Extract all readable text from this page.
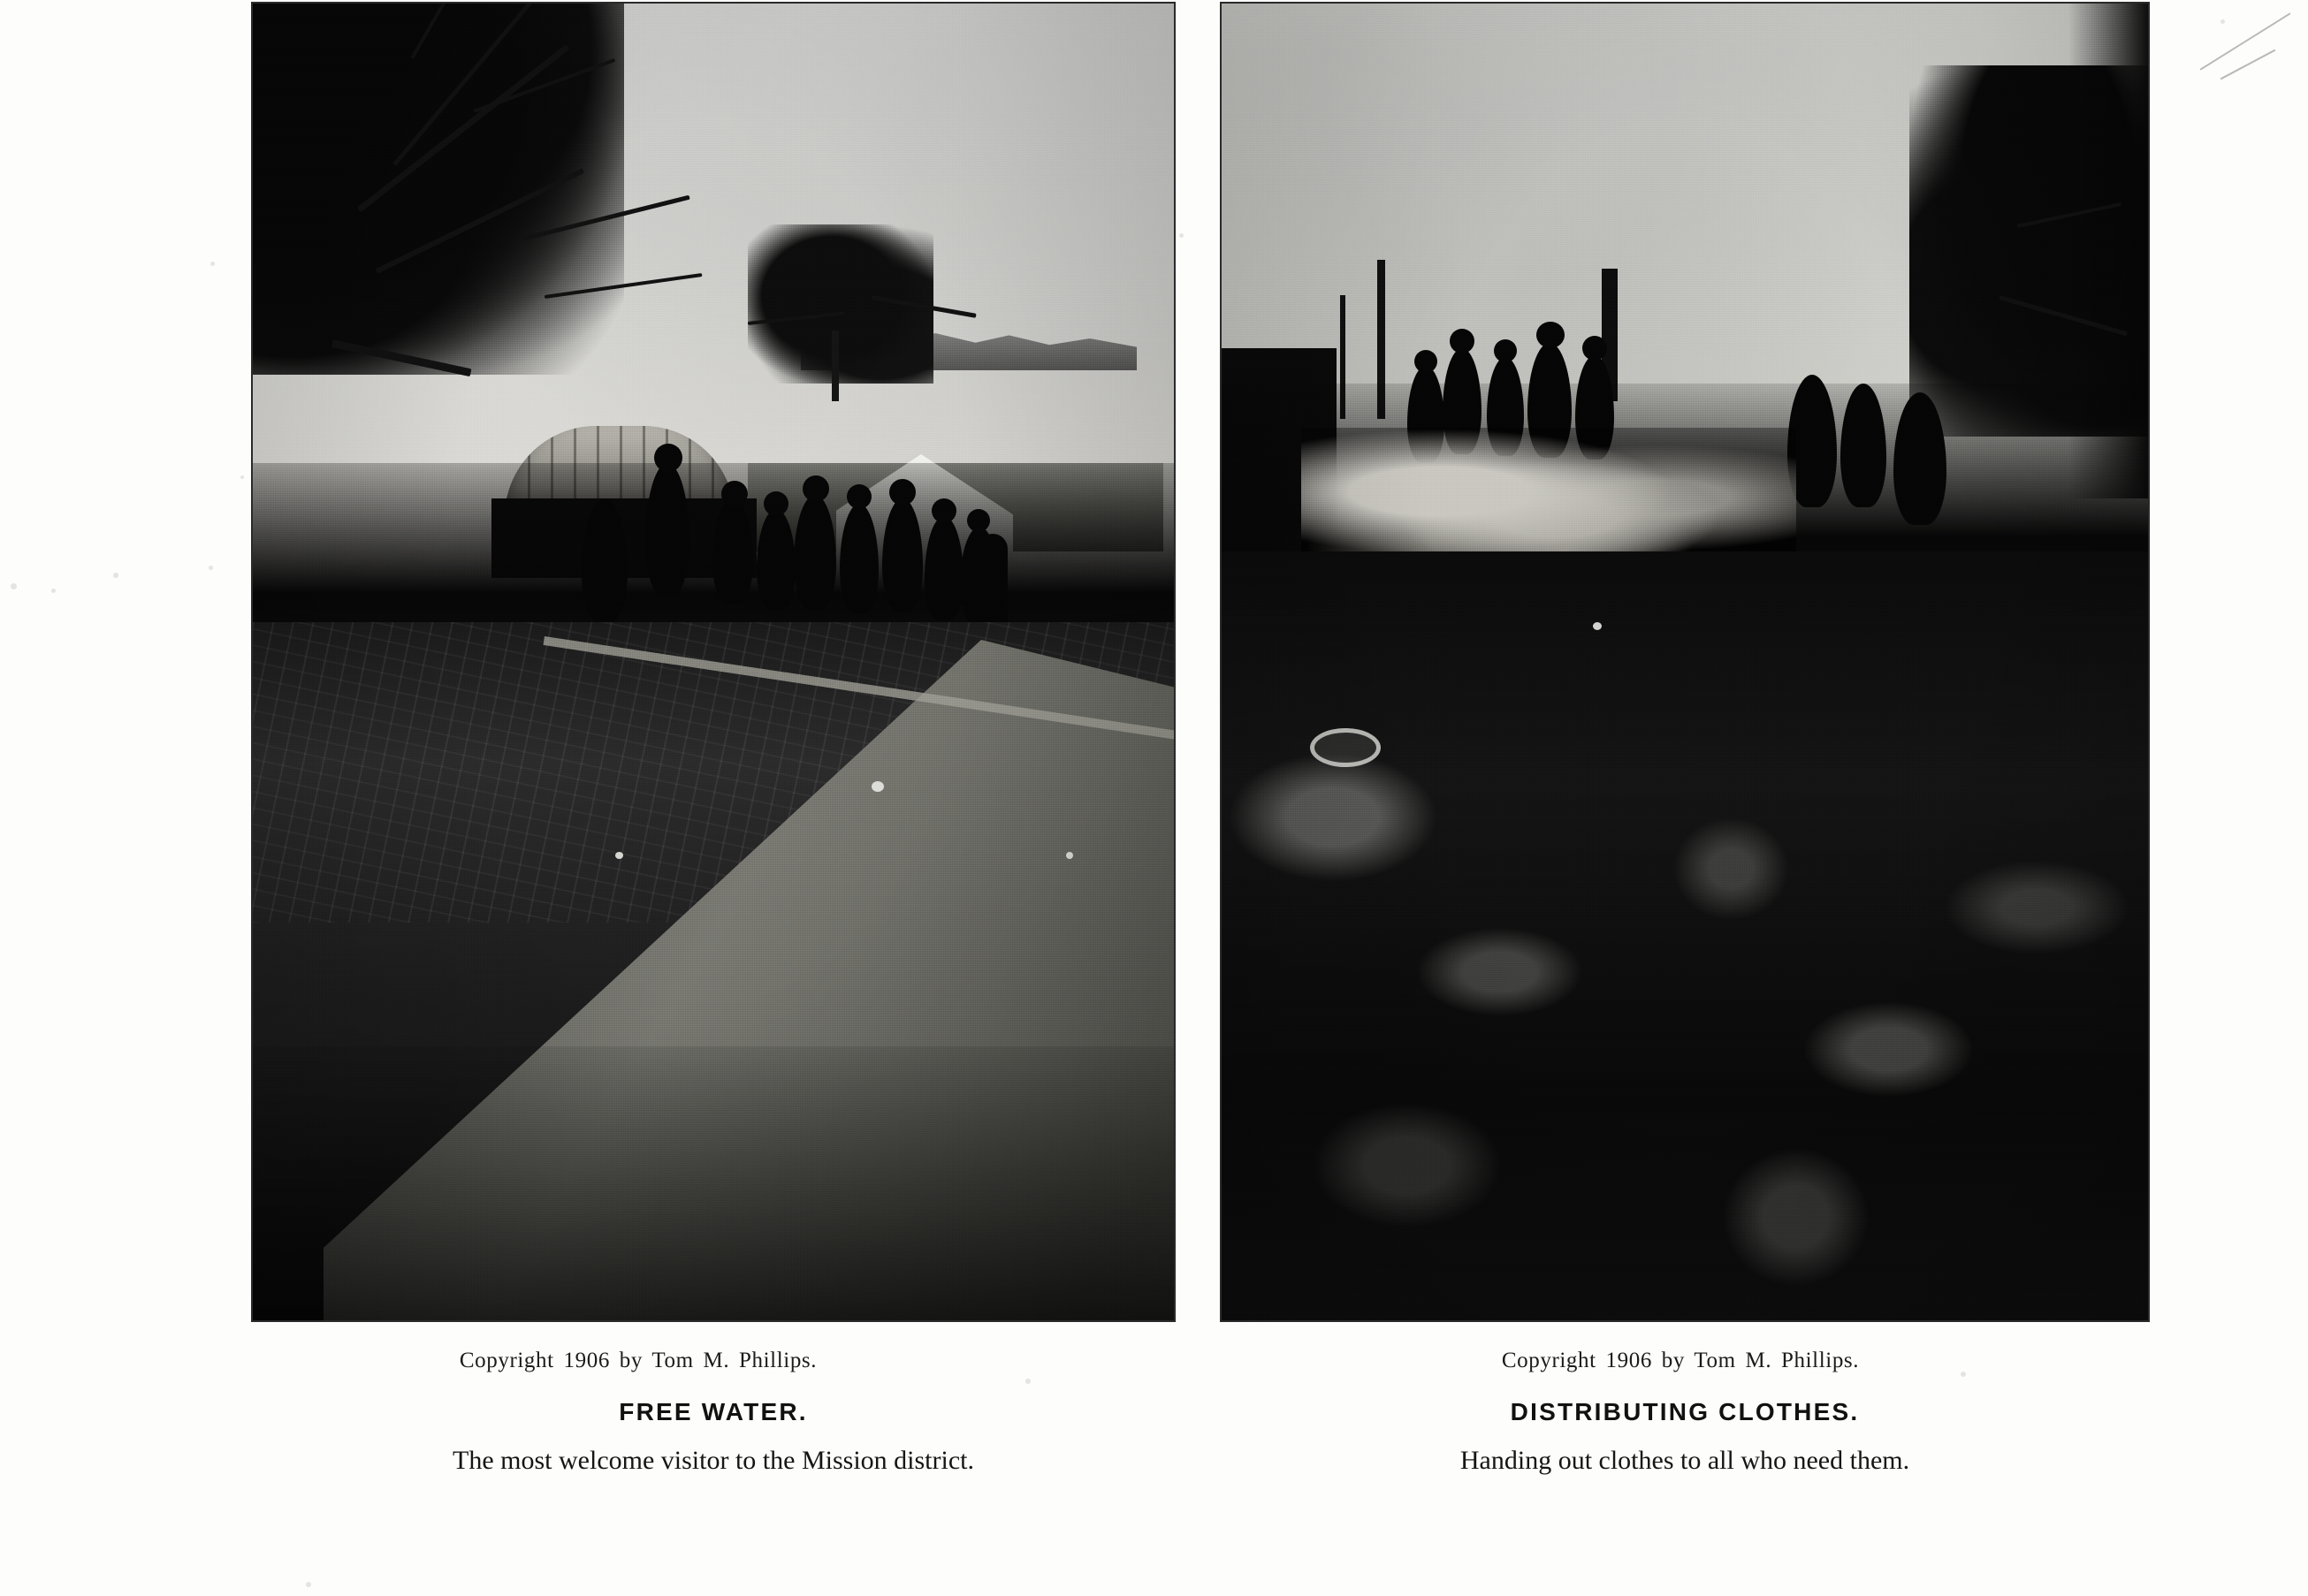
Copyright 1906 by Tom M. Phillips.
FREE WATER.
The most welcome visitor to the Mission district.
Copyright 1906 by Tom M. Phillips.
DISTRIBUTING CLOTHES.
Handing out clothes to all who need them.
